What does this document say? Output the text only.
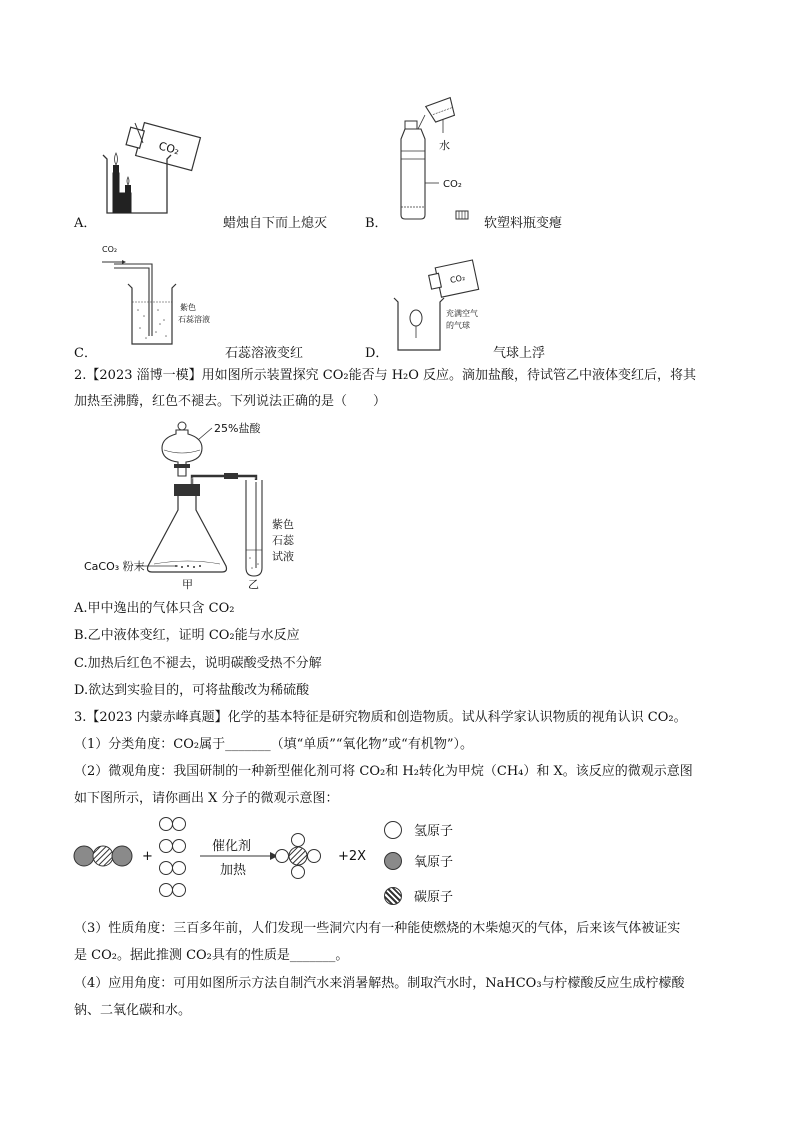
CO₂
A．	蜡烛自下而上熄灭
水
CO₂
B．	软塑料瓶变瘪
CO₂
紫色
石蕊溶液
C．	石蕊溶液变红
CO₂
充满空气
的气球
D．	气球上浮
2.【2023 淄博一模】用如图所示装置探究 CO₂能否与 H₂O 反应。滴加盐酸，待试管乙中液体变红后，将其
加热至沸腾，红色不褪去。下列说法正确的是（　　）
25%盐酸
CaCO₃ 粉末
甲	乙
紫色
石蕊
试液
A.甲中逸出的气体只含 CO₂
B.乙中液体变红，证明 CO₂能与水反应
C.加热后红色不褪去，说明碳酸受热不分解
D.欲达到实验目的，可将盐酸改为稀硫酸
3.【2023 内蒙赤峰真题】化学的基本特征是研究物质和创造物质。试从科学家认识物质的视角认识 CO₂。
（1）分类角度：CO₂属于_______（填“单质”“氧化物”或“有机物”）。
（2）微观角度：我国研制的一种新型催化剂可将 CO₂和 H₂转化为甲烷（CH₄）和 X。该反应的微观示意图
如下图所示，请你画出 X 分子的微观示意图：
+
催化剂
加热
+2X
氢原子
氧原子
碳原子
（3）性质角度：三百多年前，人们发现一些洞穴内有一种能使燃烧的木柴熄灭的气体，后来该气体被证实
是 CO₂。据此推测 CO₂具有的性质是_______。
（4）应用角度：可用如图所示方法自制汽水来消暑解热。制取汽水时，NaHCO₃与柠檬酸反应生成柠檬酸
钠、二氧化碳和水。
